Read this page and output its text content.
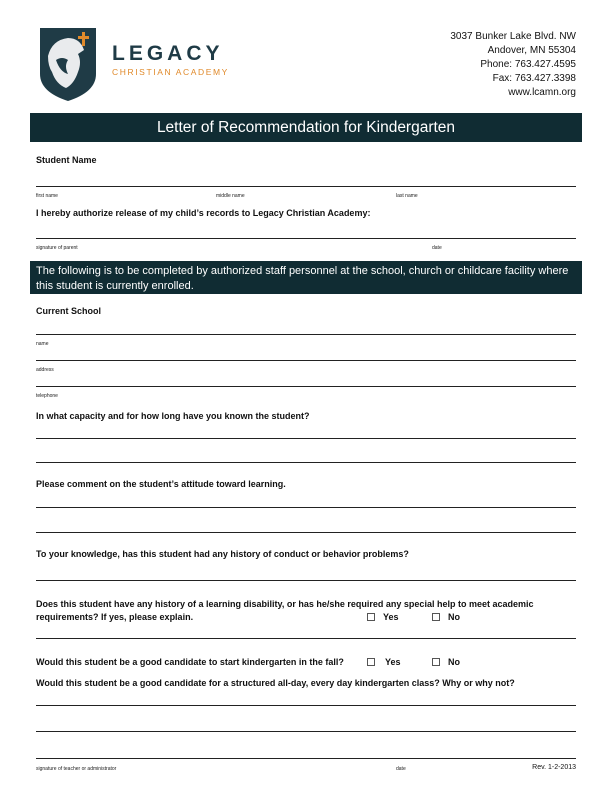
LEGACY
CHRISTIAN ACADEMY
3037 Bunker Lake Blvd. NW
Andover, MN 55304
Phone: 763.427.4595
Fax: 763.427.3398
www.lcamn.org
Letter of Recommendation for Kindergarten
Student Name
first name	middle name	last name
I hereby authorize release of my child’s records to Legacy Christian Academy:
signature of parent	date
The following is to be completed by authorized staff personnel at the school, church or childcare facility where this student is currently enrolled.
Current School
name
address
telephone
In what capacity and for how long have you known the student?
Please comment on the student’s attitude toward learning.
To your knowledge, has this student had any history of conduct or behavior problems?
Does this student have any history of a learning disability, or has he/she required any special help to meet academic
requirements? If yes, please explain.	Yes	No
Would this student be a good candidate to start kindergarten in the fall?	Yes	No
Would this student be a good candidate for a structured all-day, every day kindergarten class? Why or why not?
signature of teacher or administrator	date	Rev. 1-2-2013
